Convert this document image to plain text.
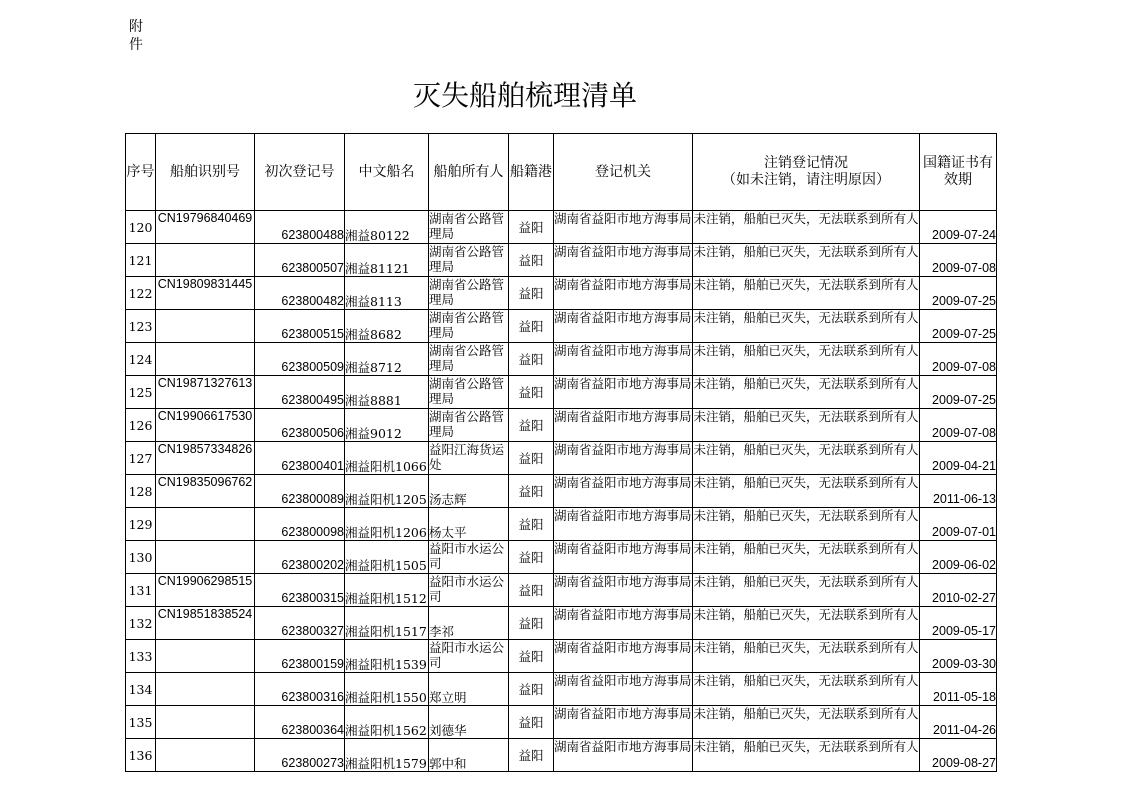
附件
灭失船舶梳理清单
序号	船舶识别号	初次登记号	中文船名	船舶所有人	船籍港	登记机关	注销登记情况
（如未注销，请注明原因）	国籍证书有效期
120	CN19796840469	623800488	湘益80122	湖南省公路管理局	益阳	湖南省益阳市地方海事局	未注销，船舶已灭失，无法联系到所有人	2009-07-24
121		623800507	湘益81121	湖南省公路管理局	益阳	湖南省益阳市地方海事局	未注销，船舶已灭失，无法联系到所有人	2009-07-08
122	CN19809831445	623800482	湘益8113	湖南省公路管理局	益阳	湖南省益阳市地方海事局	未注销，船舶已灭失，无法联系到所有人	2009-07-25
123		623800515	湘益8682	湖南省公路管理局	益阳	湖南省益阳市地方海事局	未注销，船舶已灭失，无法联系到所有人	2009-07-25
124		623800509	湘益8712	湖南省公路管理局	益阳	湖南省益阳市地方海事局	未注销，船舶已灭失，无法联系到所有人	2009-07-08
125	CN19871327613	623800495	湘益8881	湖南省公路管理局	益阳	湖南省益阳市地方海事局	未注销，船舶已灭失，无法联系到所有人	2009-07-25
126	CN19906617530	623800506	湘益9012	湖南省公路管理局	益阳	湖南省益阳市地方海事局	未注销，船舶已灭失，无法联系到所有人	2009-07-08
127	CN19857334826	623800401	湘益阳机1066	益阳江海货运处	益阳	湖南省益阳市地方海事局	未注销，船舶已灭失，无法联系到所有人	2009-04-21
128	CN19835096762	623800089	湘益阳机1205	汤志辉	益阳	湖南省益阳市地方海事局	未注销，船舶已灭失，无法联系到所有人	2011-06-13
129		623800098	湘益阳机1206	杨太平	益阳	湖南省益阳市地方海事局	未注销，船舶已灭失，无法联系到所有人	2009-07-01
130		623800202	湘益阳机1505	益阳市水运公司	益阳	湖南省益阳市地方海事局	未注销，船舶已灭失，无法联系到所有人	2009-06-02
131	CN19906298515	623800315	湘益阳机1512	益阳市水运公司	益阳	湖南省益阳市地方海事局	未注销，船舶已灭失，无法联系到所有人	2010-02-27
132	CN19851838524	623800327	湘益阳机1517	李祁	益阳	湖南省益阳市地方海事局	未注销，船舶已灭失，无法联系到所有人	2009-05-17
133		623800159	湘益阳机1539	益阳市水运公司	益阳	湖南省益阳市地方海事局	未注销，船舶已灭失，无法联系到所有人	2009-03-30
134		623800316	湘益阳机1550	郑立明	益阳	湖南省益阳市地方海事局	未注销，船舶已灭失，无法联系到所有人	2011-05-18
135		623800364	湘益阳机1562	刘德华	益阳	湖南省益阳市地方海事局	未注销，船舶已灭失，无法联系到所有人	2011-04-26
136		623800273	湘益阳机1579	郭中和	益阳	湖南省益阳市地方海事局	未注销，船舶已灭失，无法联系到所有人	2009-08-27
